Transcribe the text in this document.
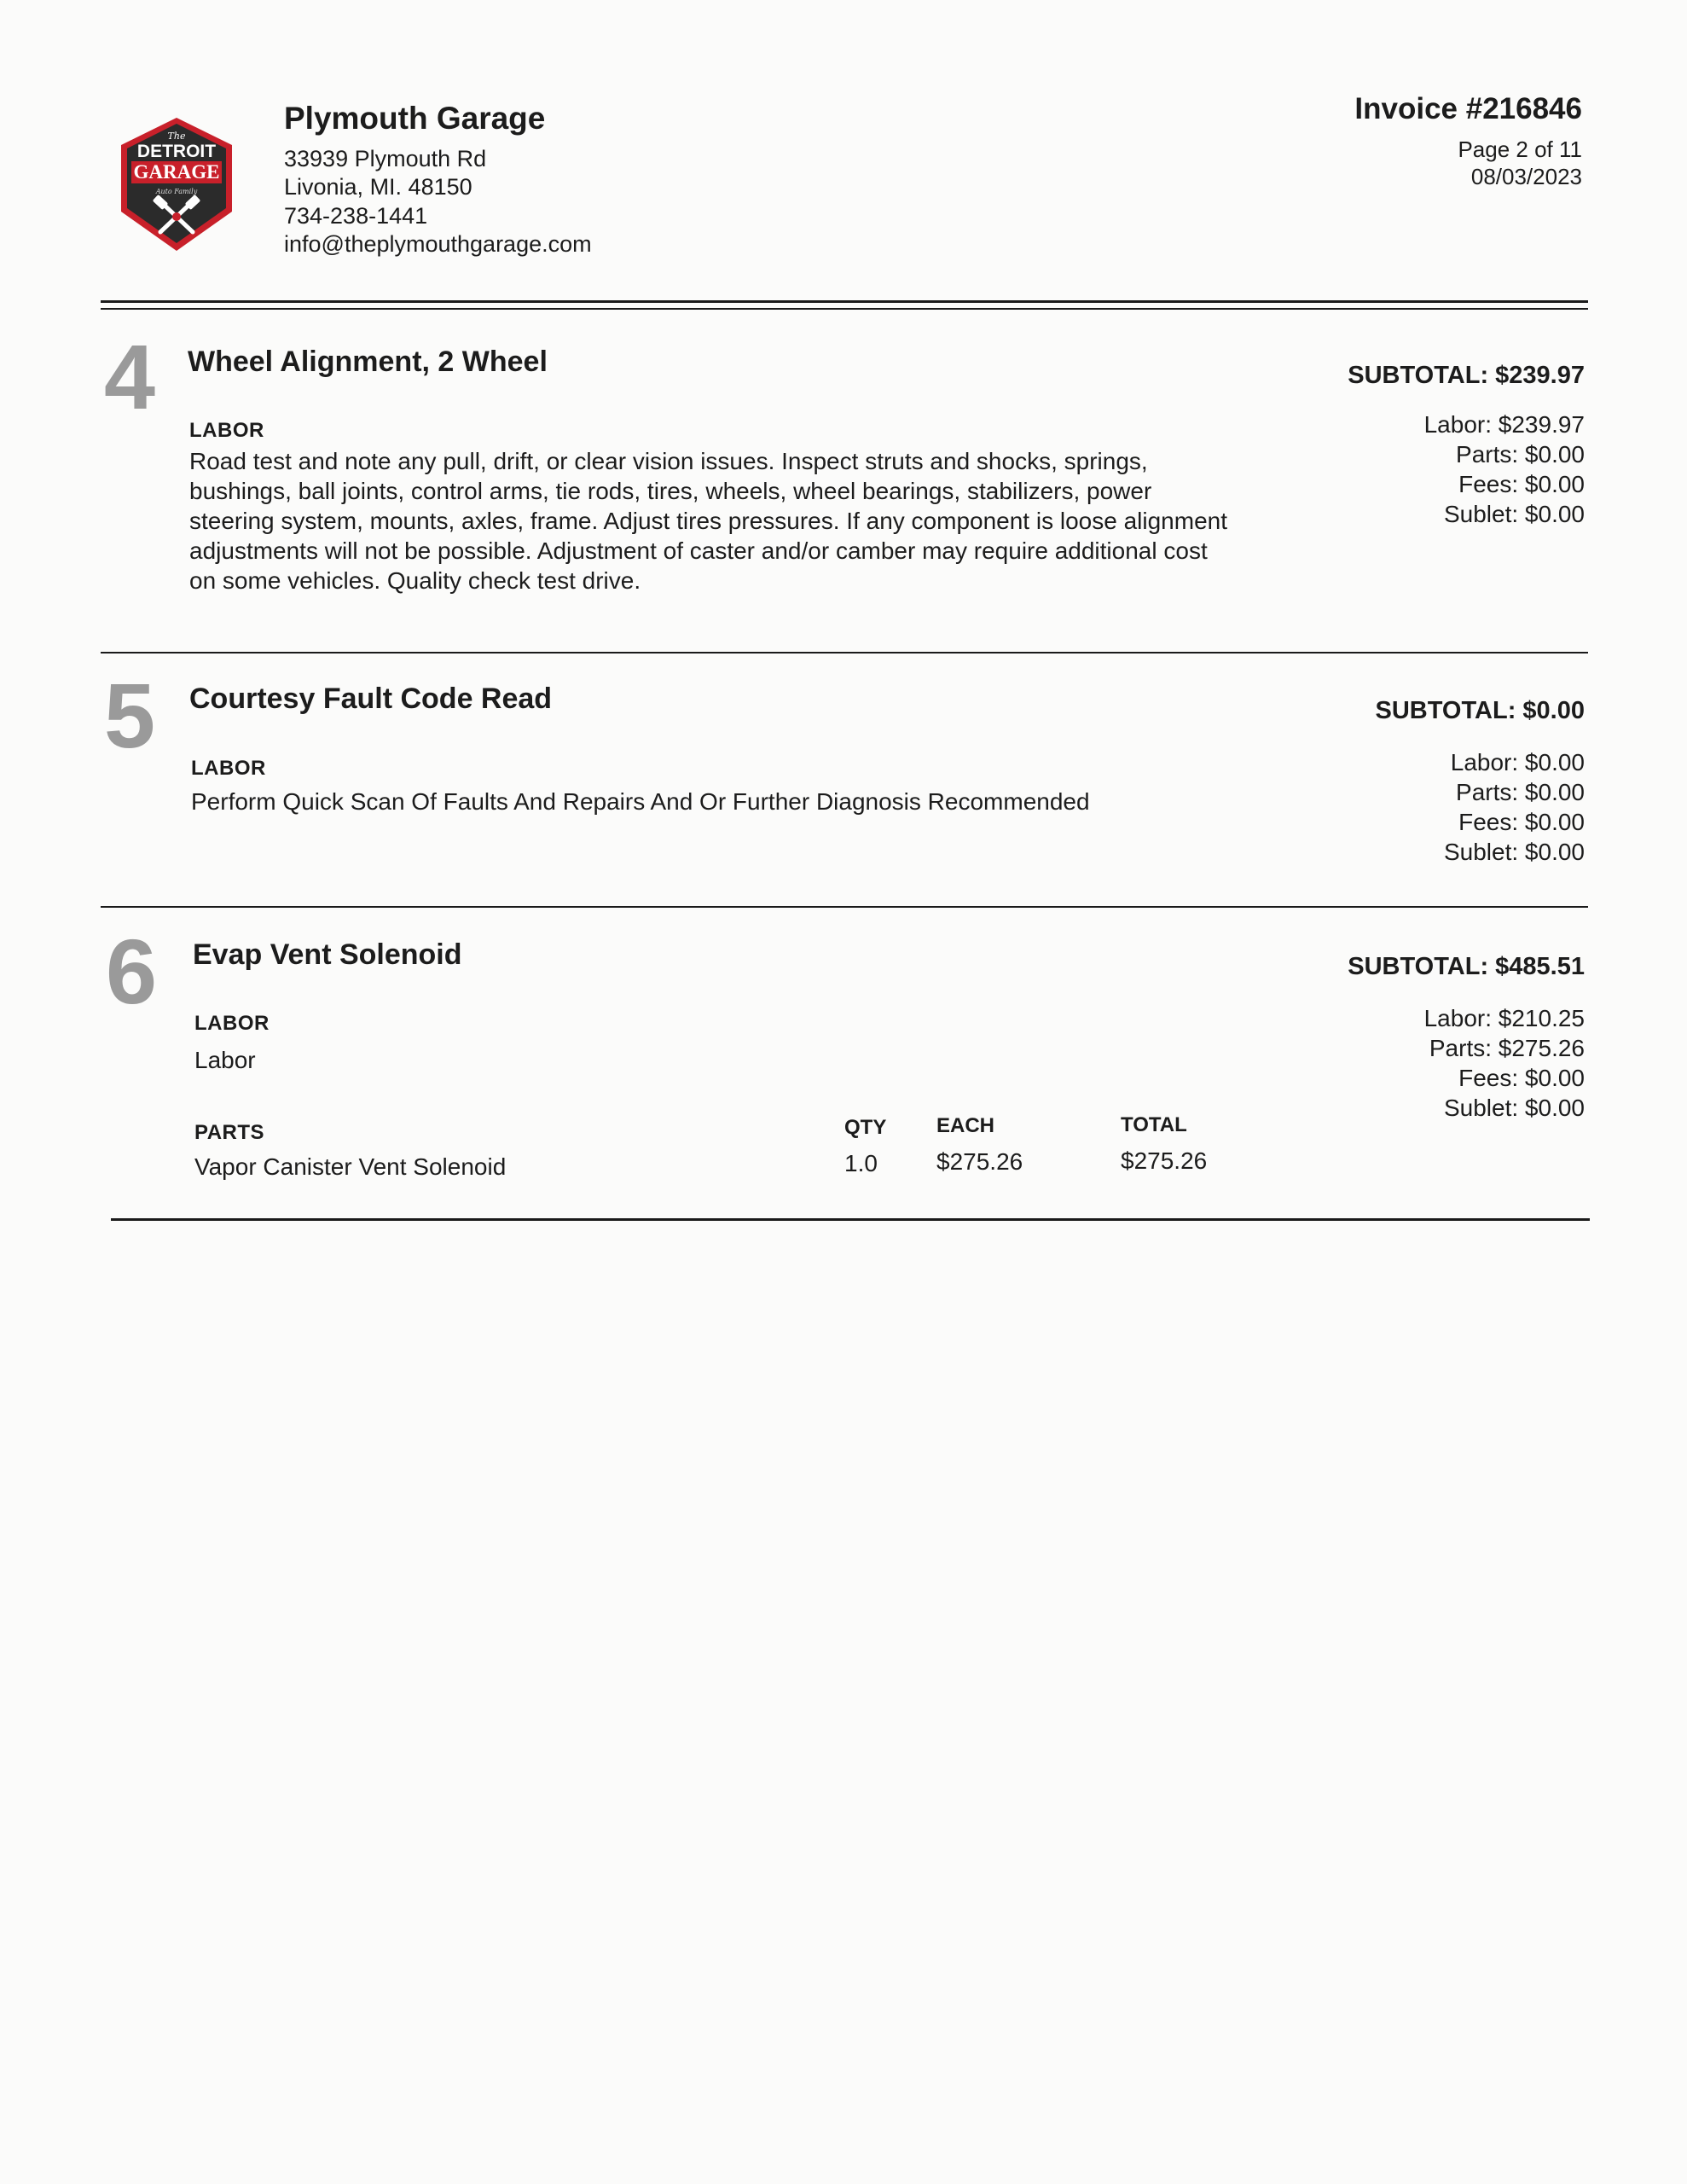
The
DETROIT
GARAGE
Auto Family
Plymouth Garage
33939 Plymouth Rd
Livonia, MI. 48150
734-238-1441
info@theplymouthgarage.com
Invoice #216846
Page 2 of 11
08/03/2023
4 Wheel Alignment, 2 Wheel
LABOR
Road test and note any pull, drift, or clear vision issues. Inspect struts and shocks, springs,
bushings, ball joints, control arms, tie rods, tires, wheels, wheel bearings, stabilizers, power
steering system, mounts, axles, frame. Adjust tires pressures. If any component is loose alignment
adjustments will not be possible. Adjustment of caster and/or camber may require additional cost
on some vehicles. Quality check test drive.
SUBTOTAL: $239.97
Labor: $239.97
Parts: $0.00
Fees: $0.00
Sublet: $0.00
5 Courtesy Fault Code Read
LABOR
Perform Quick Scan Of Faults And Repairs And Or Further Diagnosis Recommended
SUBTOTAL: $0.00
Labor: $0.00
Parts: $0.00
Fees: $0.00
Sublet: $0.00
6 Evap Vent Solenoid
LABOR
Labor
PARTS	QTY EACH	TOTAL
Vapor Canister Vent Solenoid	1.0 $275.26	$275.26
SUBTOTAL: $485.51
Labor: $210.25
Parts: $275.26
Fees: $0.00
Sublet: $0.00
